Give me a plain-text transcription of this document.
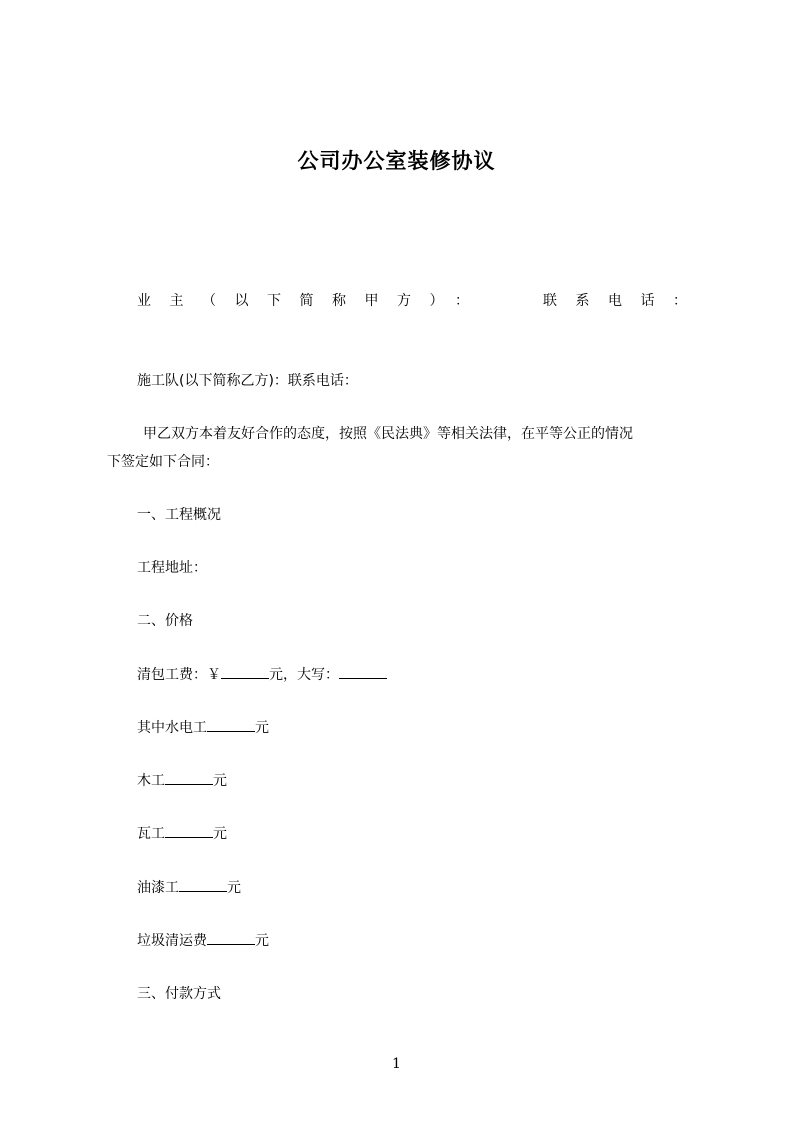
公司办公室装修协议
业主（以下简称甲方）：	联系电话：
施工队(以下简称乙方)：联系电话：
甲乙双方本着友好合作的态度，按照《民法典》等相关法律，在平等公正的情况
下签定如下合同：
一、工程概况
工程地址：
二、价格
清包工费：￥	元，大写：
其中水电工	元
木工	元
瓦工	元
油漆工	元
垃圾清运费	元
三、付款方式
1
